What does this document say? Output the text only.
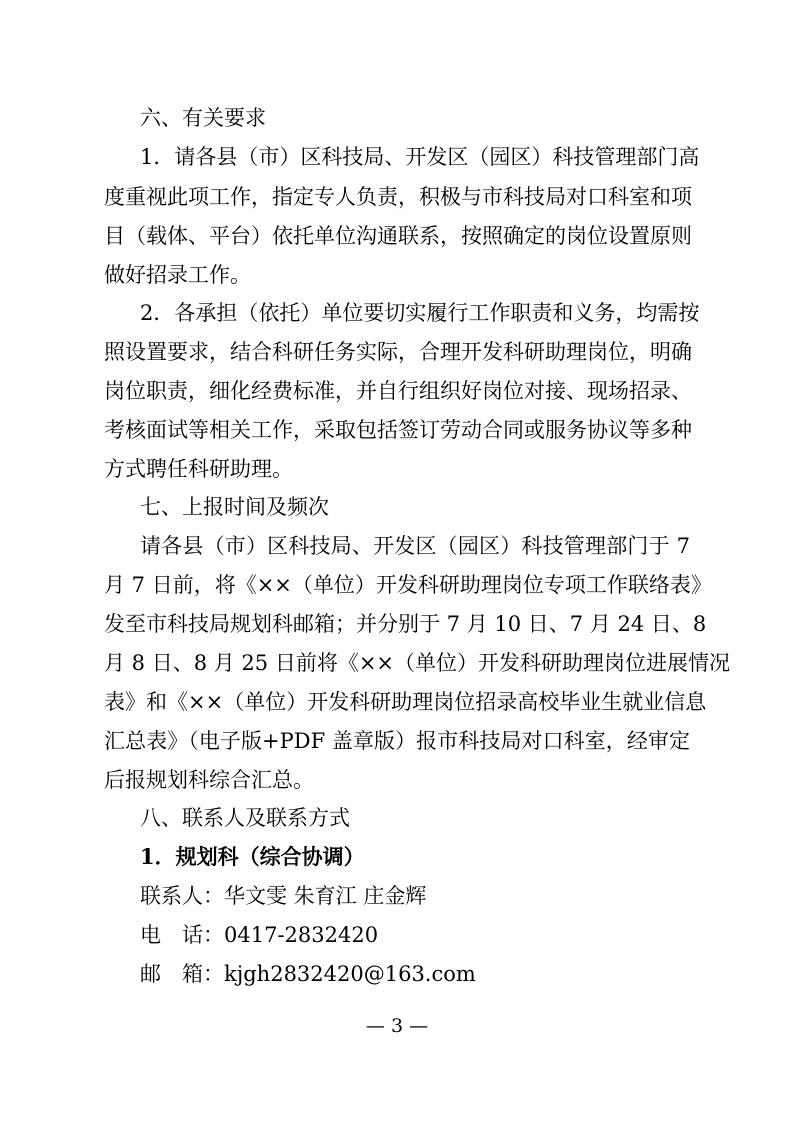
六、有关要求
1．请各县（市）区科技局、开发区（园区）科技管理部门高
度重视此项工作，指定专人负责，积极与市科技局对口科室和项
目（载体、平台）依托单位沟通联系，按照确定的岗位设置原则
做好招录工作。
2．各承担（依托）单位要切实履行工作职责和义务，均需按
照设置要求，结合科研任务实际，合理开发科研助理岗位，明确
岗位职责，细化经费标准，并自行组织好岗位对接、现场招录、
考核面试等相关工作，采取包括签订劳动合同或服务协议等多种
方式聘任科研助理。
七、上报时间及频次
请各县（市）区科技局、开发区（园区）科技管理部门于 7
月 7 日前，将《××（单位）开发科研助理岗位专项工作联络表》
发至市科技局规划科邮箱；并分别于 7 月 10 日、7 月 24 日、8
月 8 日、8 月 25 日前将《××（单位）开发科研助理岗位进展情况
表》和《××（单位）开发科研助理岗位招录高校毕业生就业信息
汇总表》（电子版+PDF 盖章版）报市科技局对口科室，经审定
后报规划科综合汇总。
八、联系人及联系方式
1．规划科（综合协调）
联系人：华文雯 朱育江 庄金辉
电　话：0417-2832420
邮　箱：kjgh2832420@163.com
— 3 —
